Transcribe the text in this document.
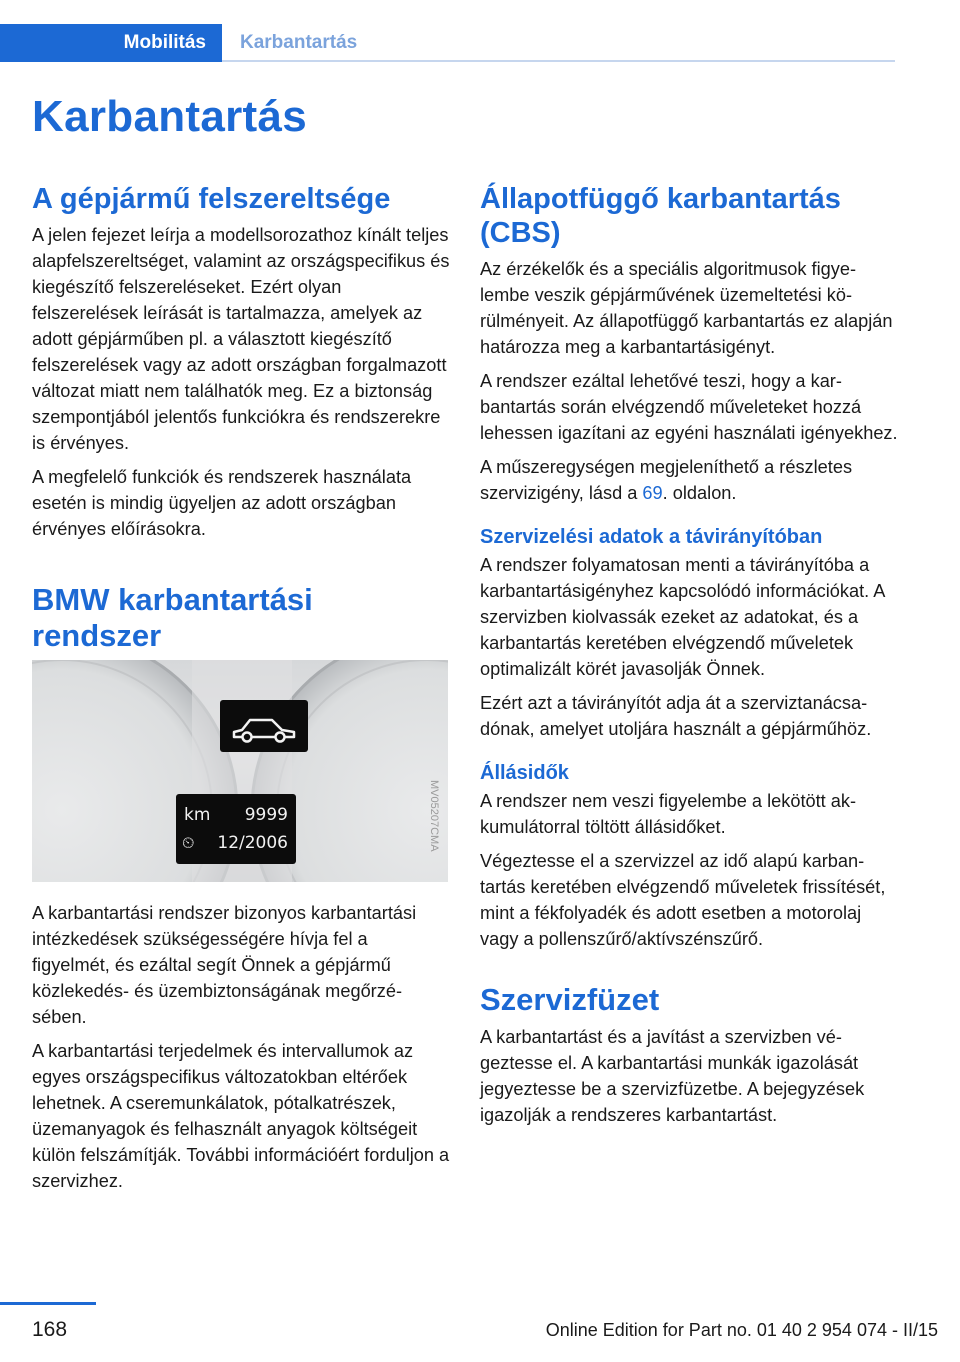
Mobilitás	Karbantartás
Karbantartás
A gépjármű felszereltsége

A jelen fejezet leírja a modellsorozathoz kínált teljes alapfelszereltséget, valamint az országspecifikus és kiegészítő felszereléseket. Ezért olyan felszerelések leírását is tartalmazza, amelyek az adott gépjárműben pl. a választott kiegészítő felszerelések vagy az adott országban forgalmazott változat miatt nem találhatók meg. Ez a biztonság szempontjából jelentős funkciókra és rendszerekre is érvényes.

A megfelelő funkciók és rendszerek használata esetén is mindig ügyeljen az adott országban érvényes előírásokra.

BMW karbantartási rendszer
km 9999
⏲ 12/2006

A karbantartási rendszer bizonyos karbantartási intézkedések szükségességére hívja fel a figyelmét, és ezáltal segít Önnek a gépjármű közlekedés- és üzembiztonságának megőrzésében.

A karbantartási terjedelmek és intervallumok az egyes országspecifikus változatokban eltérőek lehetnek. A cseremunkálatok, pótalkatrészek, üzemanyagok és felhasznált anyagok költségeit külön felszámítják. További információért forduljon a szervizhez.

MV05207CMA
Állapotfüggő karbantartás (CBS)

Az érzékelők és a speciális algoritmusok figyelembe veszik gépjárművének üzemeltetési körülményeit. Az állapotfüggő karbantartás ez alapján határozza meg a karbantartásigényt.

A rendszer ezáltal lehetővé teszi, hogy a karbantartás során elvégzendő műveleteket hozzá lehessen igazítani az egyéni használati igényekhez.

A műszeregységen megjeleníthető a részletes szervizigény, lásd a 69. oldalon.

Szervizelési adatok a távirányítóban

A rendszer folyamatosan menti a távirányítóba a karbantartásigényhez kapcsolódó információkat. A szervizben kiolvassák ezeket az adatokat, és a karbantartás keretében elvégzendő műveletek optimalizált körét javasolják Önnek.

Ezért azt a távirányítót adja át a szerviztanácsadónak, amelyet utoljára használt a gépjárműhöz.

Állásidők

A rendszer nem veszi figyelembe a lekötött akkumulátorral töltött állásidőket.

Végeztesse el a szervizzel az idő alapú karbantartás keretében elvégzendő műveletek frissítését, mint a fékfolyadék és adott esetben a motorolaj vagy a pollenszűrő/aktívszénszűrő.

Szervizfüzet

A karbantartást és a javítást a szervizben végeztesse el. A karbantartási munkák igazolását jegyeztesse be a szervizfüzetbe. A bejegyzések igazolják a rendszeres karbantartást.

168	Online Edition for Part no. 01 40 2 954 074 - II/15
